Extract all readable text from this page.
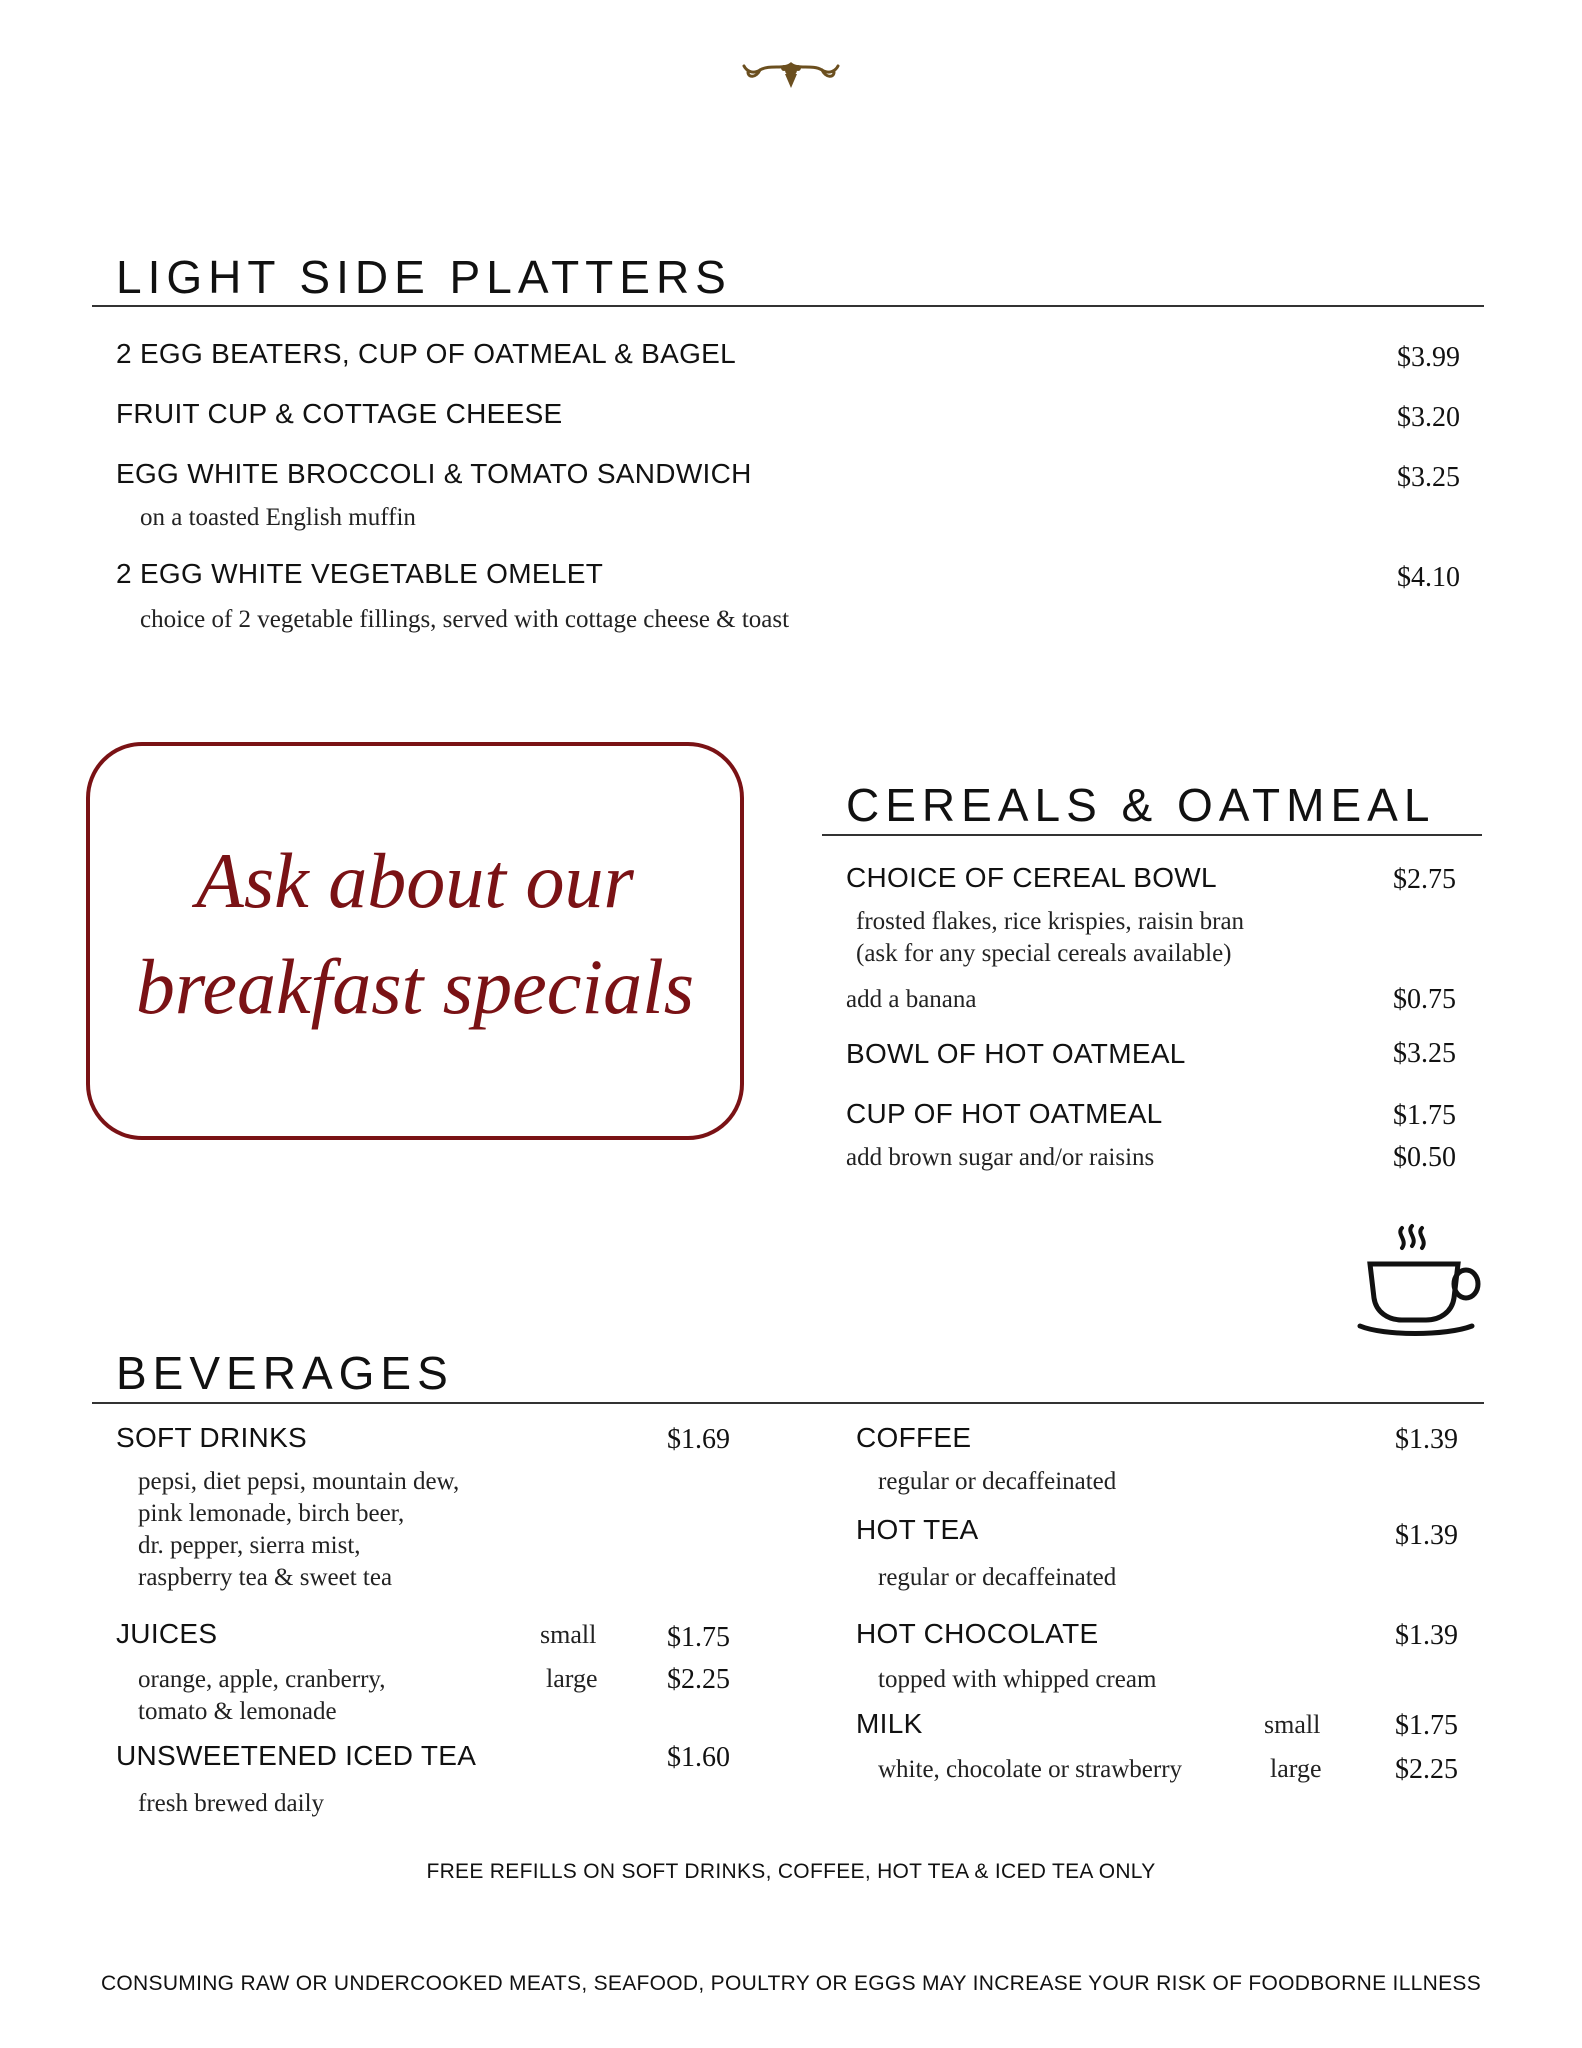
LIGHT SIDE PLATTERS
2 EGG BEATERS, CUP OF OATMEAL & BAGEL	$3.99
FRUIT CUP & COTTAGE CHEESE	$3.20
EGG WHITE BROCCOLI & TOMATO SANDWICH	$3.25
on a toasted English muffin
2 EGG WHITE VEGETABLE OMELET	$4.10
choice of 2 vegetable fillings, served with cottage cheese & toast
Ask about our
breakfast specials
CEREALS & OATMEAL
CHOICE OF CEREAL BOWL	$2.75
frosted flakes, rice krispies, raisin bran
(ask for any special cereals available)
add a banana	$0.75
BOWL OF HOT OATMEAL	$3.25
CUP OF HOT OATMEAL	$1.75
add brown sugar and/or raisins	$0.50
BEVERAGES
SOFT DRINKS	$1.69
pepsi, diet pepsi, mountain dew,
pink lemonade, birch beer,
dr. pepper, sierra mist,
raspberry tea & sweet tea
JUICES	small	$1.75
orange, apple, cranberry,	large	$2.25
tomato & lemonade
UNSWEETENED ICED TEA	$1.60
fresh brewed daily
COFFEE	$1.39
regular or decaffeinated
HOT TEA	$1.39
regular or decaffeinated
HOT CHOCOLATE	$1.39
topped with whipped cream
MILK	small	$1.75
white, chocolate or strawberry	large	$2.25
FREE REFILLS ON SOFT DRINKS, COFFEE, HOT TEA & ICED TEA ONLY
CONSUMING RAW OR UNDERCOOKED MEATS, SEAFOOD, POULTRY OR EGGS MAY INCREASE YOUR RISK OF FOODBORNE ILLNESS
